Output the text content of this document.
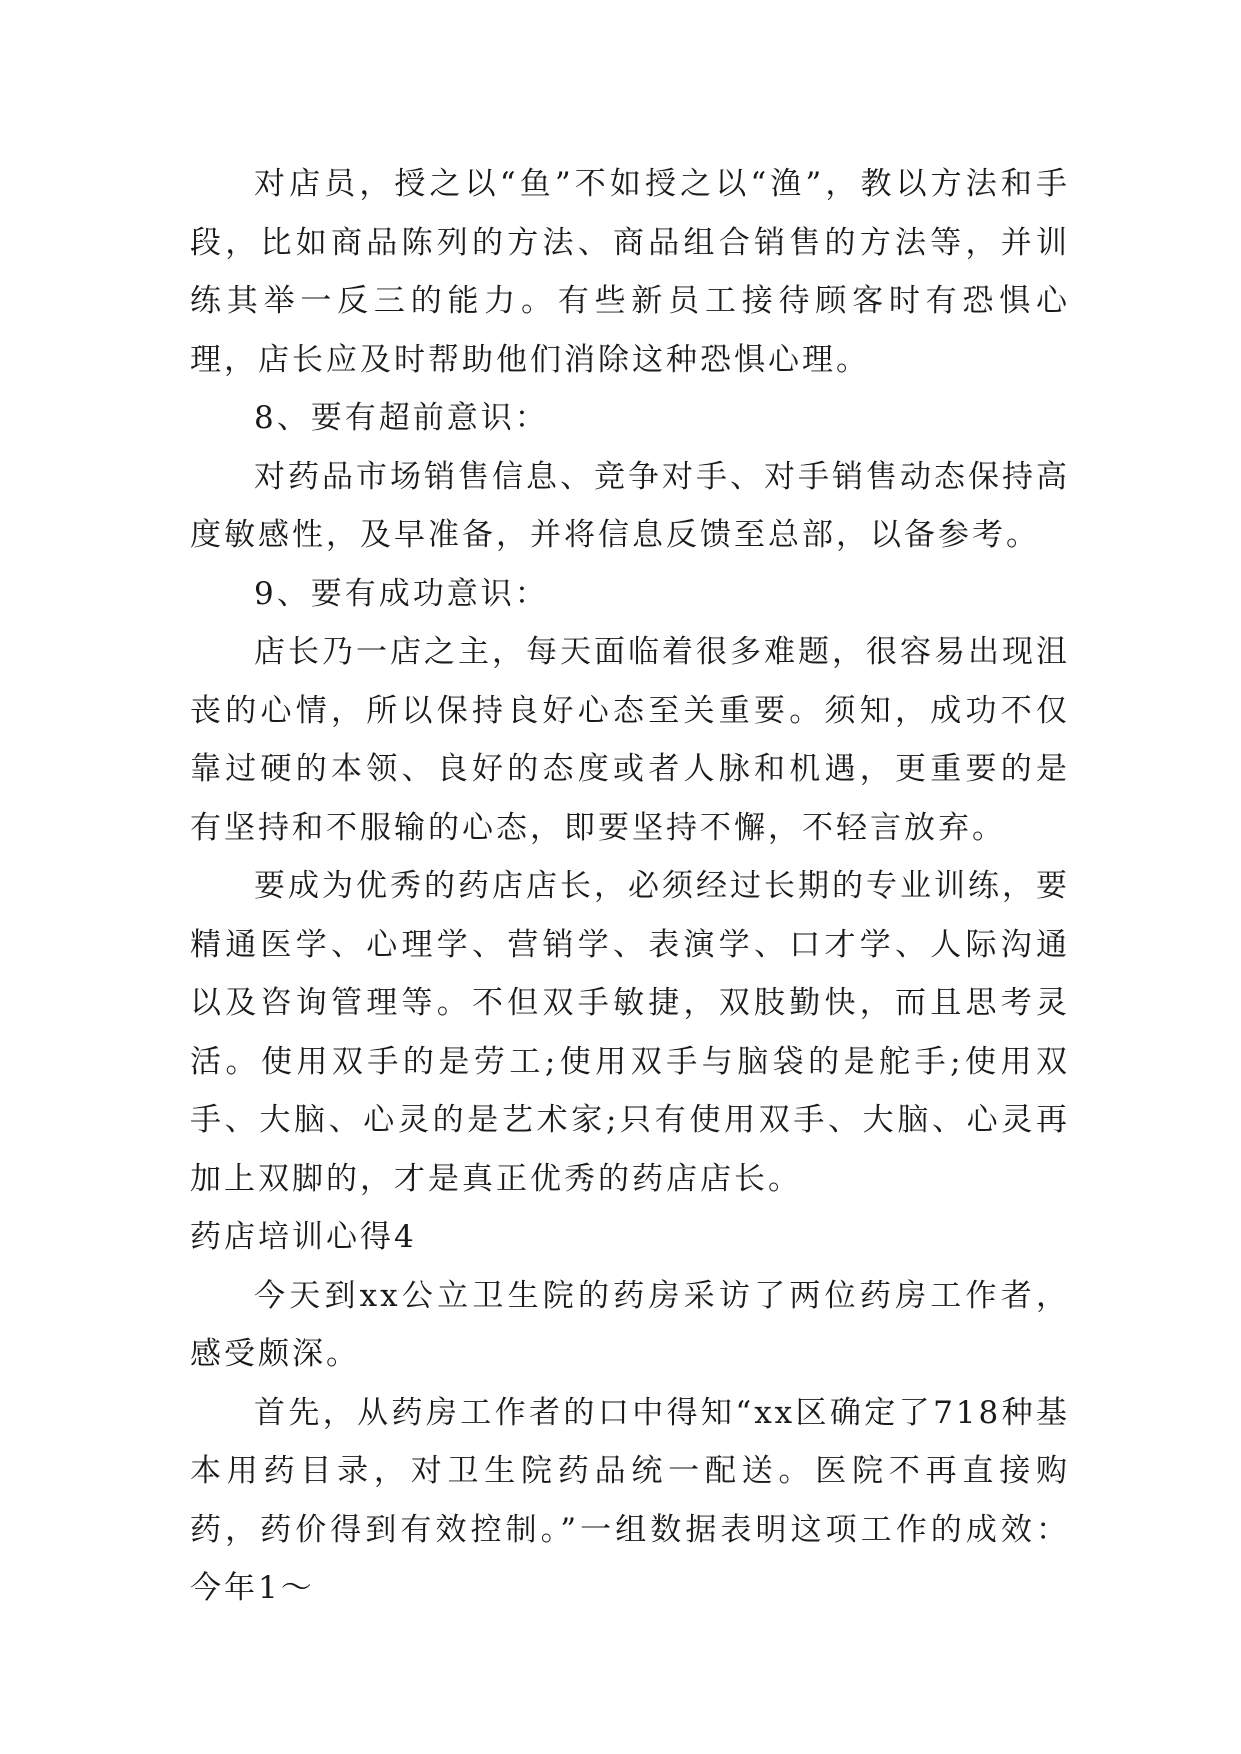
对店员，授之以“鱼”不如授之以“渔”，教以方法和手段，比如商品陈列的方法、商品组合销售的方法等，并训练其举一反三的能力。有些新员工接待顾客时有恐惧心理，店长应及时帮助他们消除这种恐惧心理。

8、要有超前意识：

对药品市场销售信息、竞争对手、对手销售动态保持高度敏感性，及早准备，并将信息反馈至总部，以备参考。

9、要有成功意识：

店长乃一店之主，每天面临着很多难题，很容易出现沮丧的心情，所以保持良好心态至关重要。须知，成功不仅靠过硬的本领、良好的态度或者人脉和机遇，更重要的是有坚持和不服输的心态，即要坚持不懈，不轻言放弃。

要成为优秀的药店店长，必须经过长期的专业训练，要精通医学、心理学、营销学、表演学、口才学、人际沟通以及咨询管理等。不但双手敏捷，双肢勤快，而且思考灵活。使用双手的是劳工;使用双手与脑袋的是舵手;使用双手、大脑、心灵的是艺术家;只有使用双手、大脑、心灵再加上双脚的，才是真正优秀的药店店长。

药店培训心得4

今天到xx公立卫生院的药房采访了两位药房工作者，感受颇深。

首先，从药房工作者的口中得知“xx区确定了718种基本用药目录，对卫生院药品统一配送。医院不再直接购药，药价得到有效控制。”一组数据表明这项工作的成效：今年1～
